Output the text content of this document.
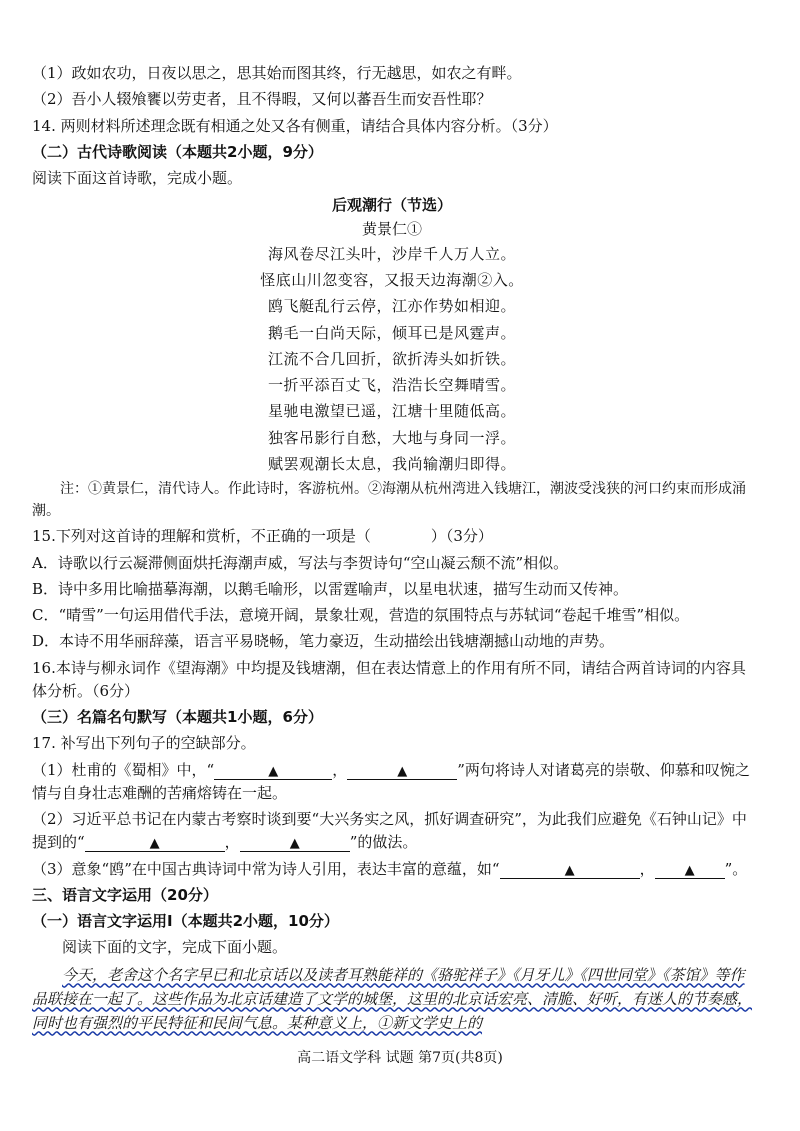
（1）政如农功，日夜以思之，思其始而图其终，行无越思，如农之有畔。

（2）吾小人辍飧饔以劳吏者，且不得暇，又何以蕃吾生而安吾性耶？

14. 两则材料所述理念既有相通之处又各有侧重，请结合具体内容分析。（3分）

（二）古代诗歌阅读（本题共2小题，9分）

阅读下面这首诗歌，完成小题。

后观潮行（节选）

黄景仁①

海风卷尽江头叶，沙岸千人万人立。
怪底山川忽变容，又报天边海潮②入。
鸥飞艇乱行云停，江亦作势如相迎。
鹅毛一白尚天际，倾耳已是风霆声。
江流不合几回折，欲折涛头如折铁。
一折平添百丈飞，浩浩长空舞晴雪。
星驰电激望已遥，江塘十里随低高。
独客吊影行自愁，大地与身同一浮。
赋罢观潮长太息，我尚输潮归即得。

注：①黄景仁，清代诗人。作此诗时，客游杭州。②海潮从杭州湾进入钱塘江，潮波受浅狭的河口约束而形成涌潮。

15.下列对这首诗的理解和赏析，不正确的一项是（	）（3分）

A．诗歌以行云凝滞侧面烘托海潮声威，写法与李贺诗句“空山凝云颓不流”相似。

B．诗中多用比喻描摹海潮，以鹅毛喻形，以雷霆喻声，以星电状速，描写生动而又传神。

C．“晴雪”一句运用借代手法，意境开阔，景象壮观，营造的氛围特点与苏轼词“卷起千堆雪”相似。

D．本诗不用华丽辞藻，语言平易晓畅，笔力豪迈，生动描绘出钱塘潮撼山动地的声势。

16.本诗与柳永词作《望海潮》中均提及钱塘潮，但在表达情意上的作用有所不同，请结合两首诗词的内容具体分析。（6分）

（三）名篇名句默写（本题共1小题，6分）

17. 补写出下列句子的空缺部分。

（1）杜甫的《蜀相》中，“	▲	，	▲	”两句将诗人对诸葛亮的崇敬、仰慕和叹惋之情与自身壮志难酬的苦痛熔铸在一起。

（2）习近平总书记在内蒙古考察时谈到要“大兴务实之风，抓好调查研究”，为此我们应避免《石钟山记》中提到的“	▲	，	▲	”的做法。

（3）意象“鸥”在中国古典诗词中常为诗人引用，表达丰富的意蕴，如“	▲	， ▲ ”。

三、语言文字运用（20分）

（一）语言文字运用Ⅰ（本题共2小题，10分）

阅读下面的文字，完成下面小题。

今天，老舍这个名字早已和北京话以及读者耳熟能祥的《骆驼祥子》《月牙儿》《四世同堂》《茶馆》等作品联接在一起了。这些作品为北京话建造了文学的城堡，这里的北京话宏亮、清脆、好听，有迷人的节奏感，同时也有强烈的平民特征和民间气息。某种意义上，①新文学史上的

高二语文学科 试题 第7页(共8页)
